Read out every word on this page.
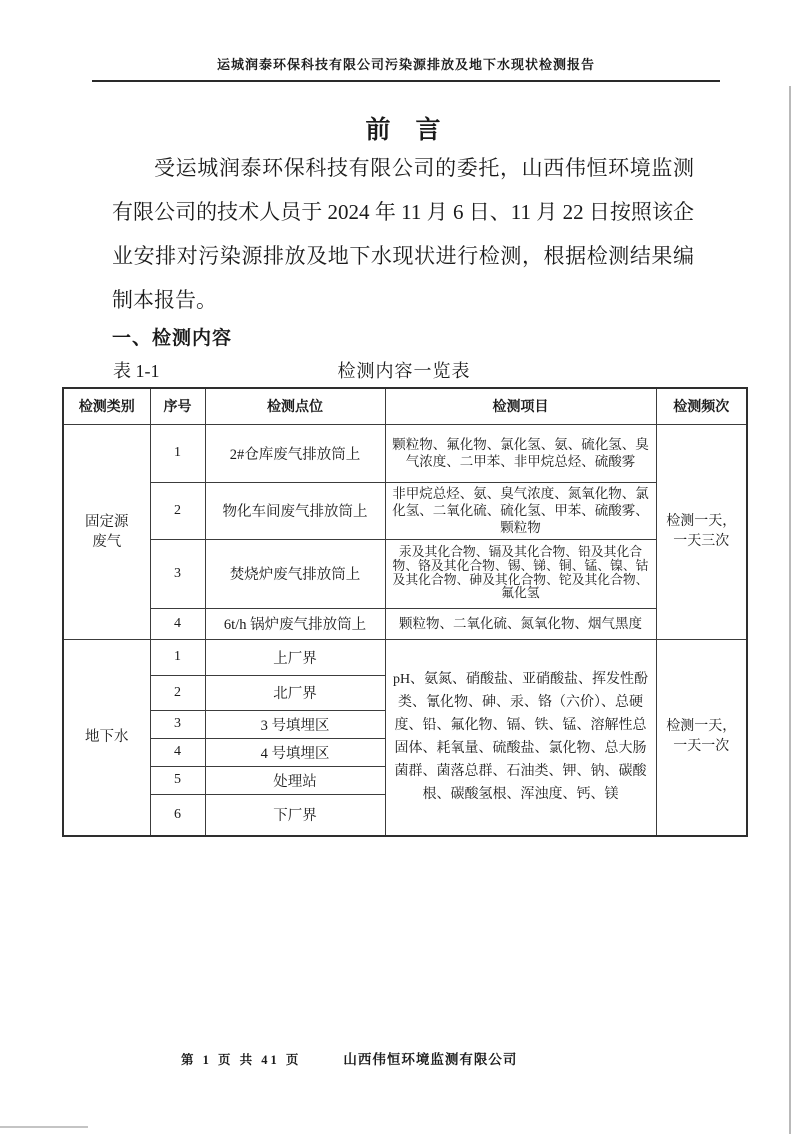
运城润泰环保科技有限公司污染源排放及地下水现状检测报告
前　言

受运城润泰环保科技有限公司的委托，山西伟恒环境监测有限公司的技术人员于 2024 年 11 月 6 日、11 月 22 日按照该企业安排对污染源排放及地下水现状进行检测，根据检测结果编制本报告。

一、检测内容
表 1-1	检测内容一览表
检测类别	序号	检测点位	检测项目	检测频次
固定源废气	1	2#仓库废气排放筒上	颗粒物、氟化物、氯化氢、氨、硫化氢、臭气浓度、二甲苯、非甲烷总烃、硫酸雾	检测一天，一天三次
	2	物化车间废气排放筒上	非甲烷总烃、氨、臭气浓度、氮氧化物、氯化氢、二氧化硫、硫化氢、甲苯、硫酸雾、颗粒物	
	3	焚烧炉废气排放筒上	汞及其化合物、镉及其化合物、铅及其化合物、铬及其化合物、锡、锑、铜、锰、镍、钴及其化合物、砷及其化合物、铊及其化合物、氟化氢	
	4	6t/h 锅炉废气排放筒上	颗粒物、二氧化硫、氮氧化物、烟气黑度	
地下水	1	上厂界	pH、氨氮、硝酸盐、亚硝酸盐、挥发性酚类、氰化物、砷、汞、铬（六价）、总硬度、铅、氟化物、镉、铁、锰、溶解性总固体、耗氧量、硫酸盐、氯化物、总大肠菌群、菌落总群、石油类、钾、钠、碳酸根、碳酸氢根、浑浊度、钙、镁	检测一天，一天一次
	2	北厂界		
	3	3 号填埋区		
	4	4 号填埋区		
	5	处理站		
	6	下厂界		
第 1 页 共 41 页	山西伟恒环境监测有限公司
